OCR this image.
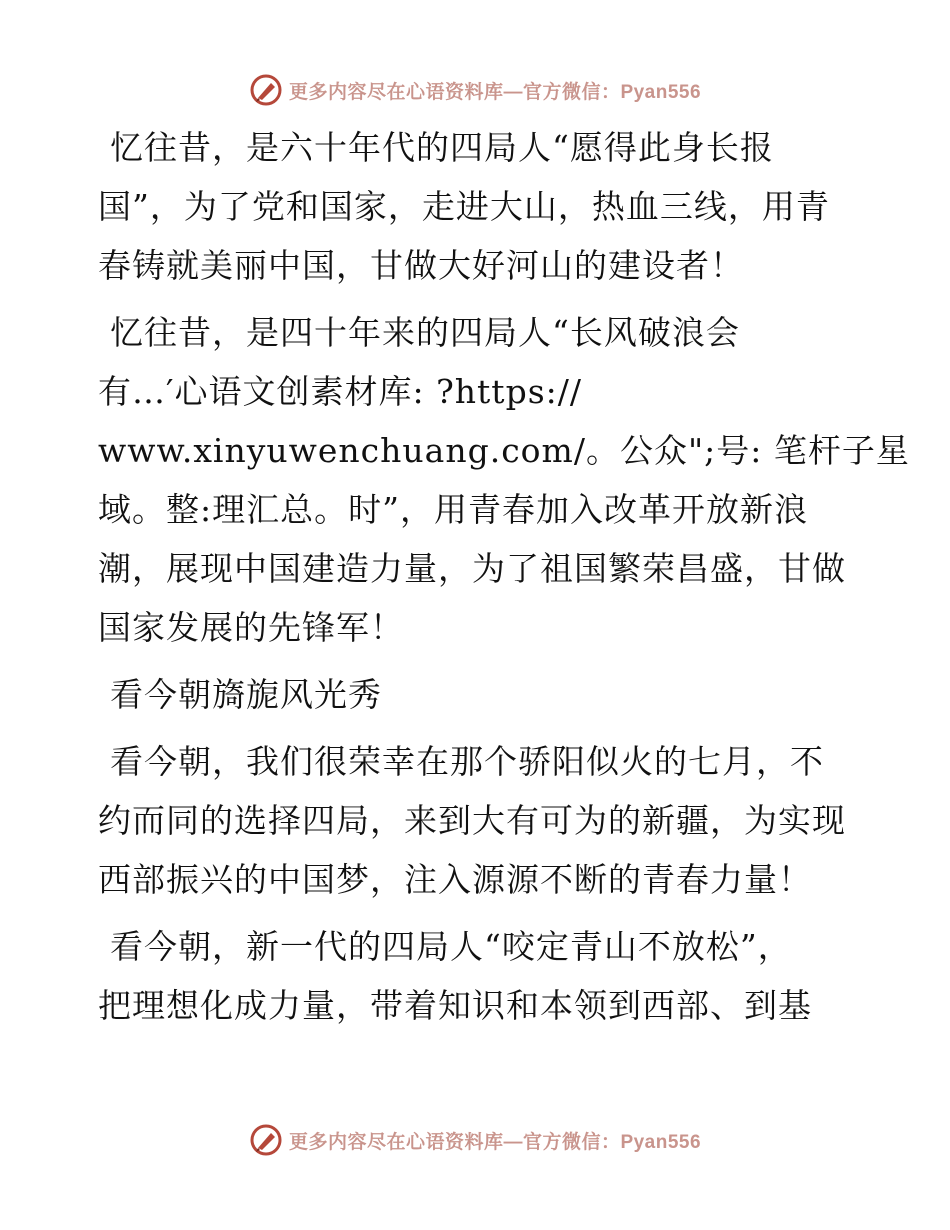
更多内容尽在心语资料库—官方微信：Pyan556

忆往昔，是六十年代的四局人“愿得此身长报
国”，为了党和国家，走进大山，热血三线，用青
春铸就美丽中国，甘做大好河山的建设者！

忆往昔，是四十年来的四局人“长风破浪会
有…′心语文创素材库: ?https://
www.xinyuwenchuang.com/。公众";号: 笔杆子星
域。整:理汇总。时”，用青春加入改革开放新浪
潮，展现中国建造力量，为了祖国繁荣昌盛，甘做
国家发展的先锋军！

看今朝旖旎风光秀

看今朝，我们很荣幸在那个骄阳似火的七月，不
约而同的选择四局，来到大有可为的新疆，为实现
西部振兴的中国梦，注入源源不断的青春力量！

看今朝，新一代的四局人“咬定青山不放松”，
把理想化成力量，带着知识和本领到西部、到基

更多内容尽在心语资料库—官方微信：Pyan556
